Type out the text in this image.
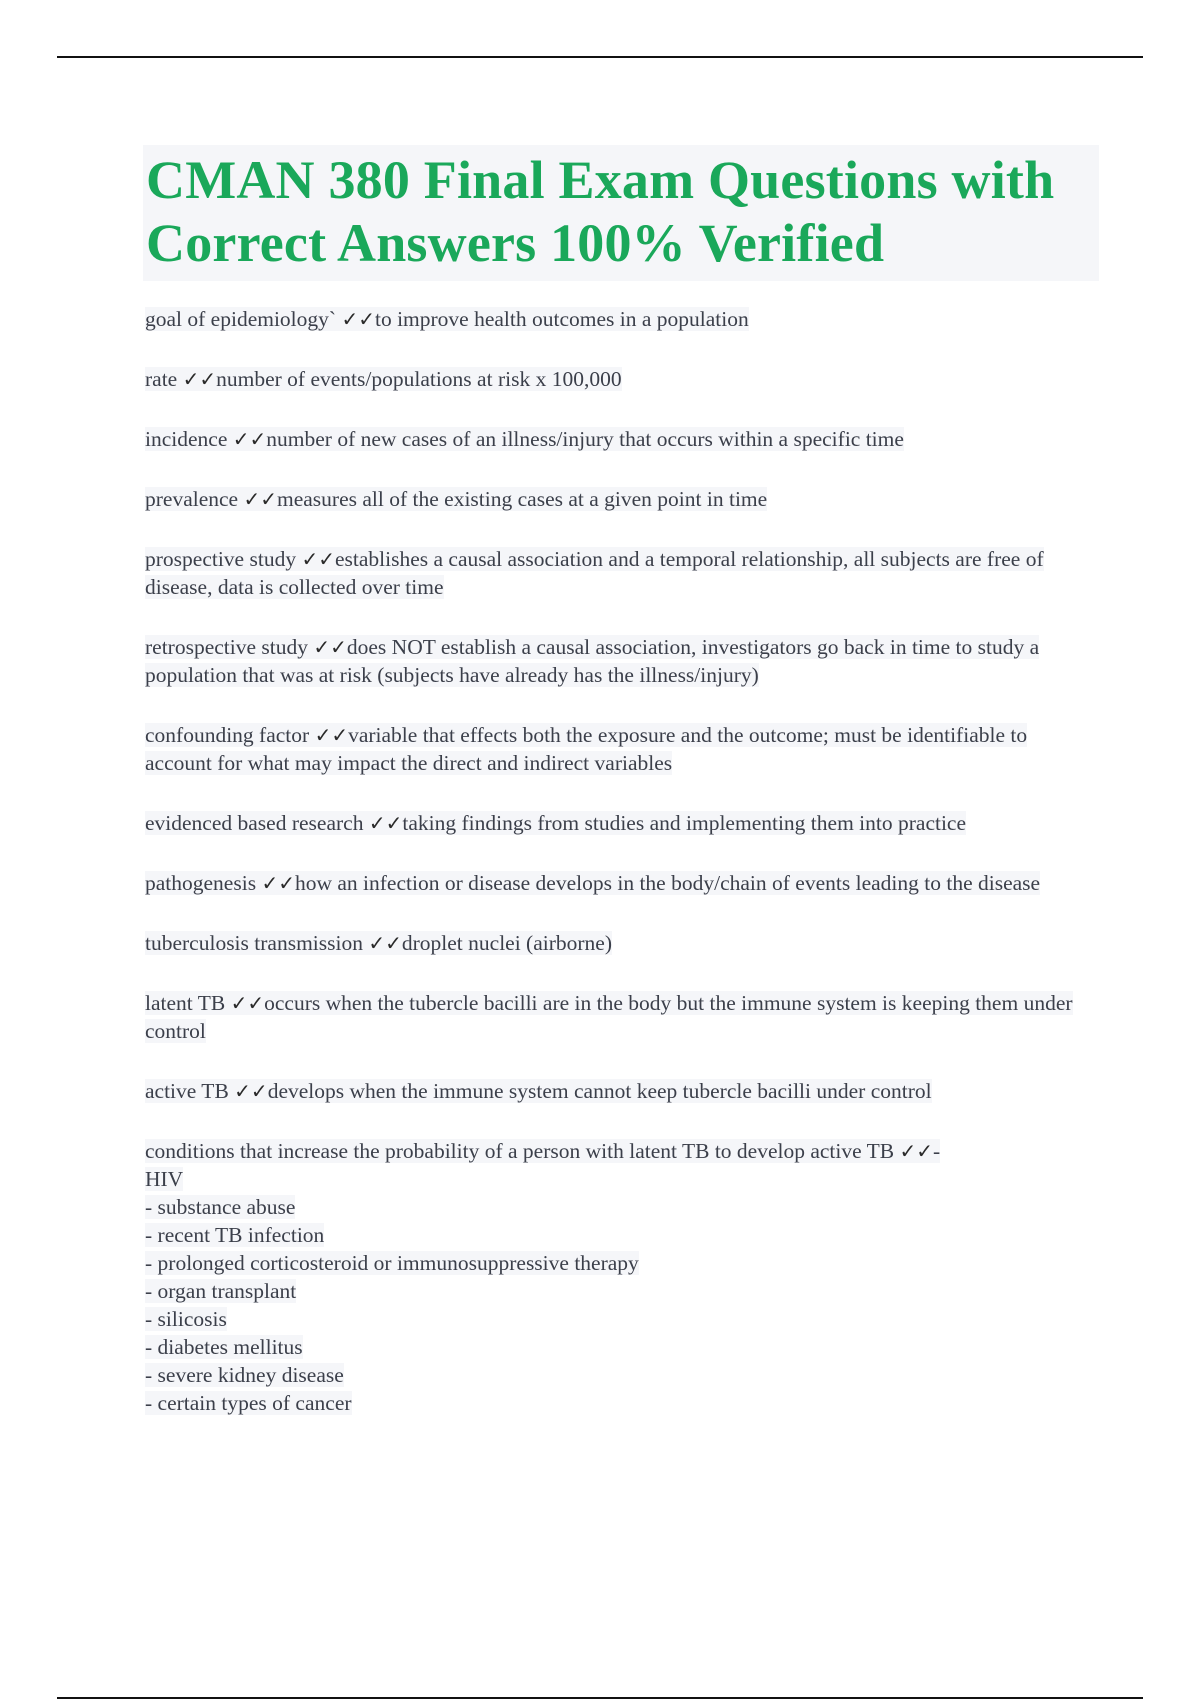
CMAN 380 Final Exam Questions with Correct Answers 100% Verified

goal of epidemiology` ✓✓to improve health outcomes in a population

rate ✓✓number of events/populations at risk x 100,000

incidence ✓✓number of new cases of an illness/injury that occurs within a specific time

prevalence ✓✓measures all of the existing cases at a given point in time

prospective study ✓✓establishes a causal association and a temporal relationship, all subjects are free of disease, data is collected over time

retrospective study ✓✓does NOT establish a causal association, investigators go back in time to study a population that was at risk (subjects have already has the illness/injury)

confounding factor ✓✓variable that effects both the exposure and the outcome; must be identifiable to account for what may impact the direct and indirect variables

evidenced based research ✓✓taking findings from studies and implementing them into practice

pathogenesis ✓✓how an infection or disease develops in the body/chain of events leading to the disease

tuberculosis transmission ✓✓droplet nuclei (airborne)

latent TB ✓✓occurs when the tubercle bacilli are in the body but the immune system is keeping them under control

active TB ✓✓develops when the immune system cannot keep tubercle bacilli under control

conditions that increase the probability of a person with latent TB to develop active TB ✓✓-
HIV
- substance abuse
- recent TB infection
- prolonged corticosteroid or immunosuppressive therapy
- organ transplant
- silicosis
- diabetes mellitus
- severe kidney disease
- certain types of cancer
